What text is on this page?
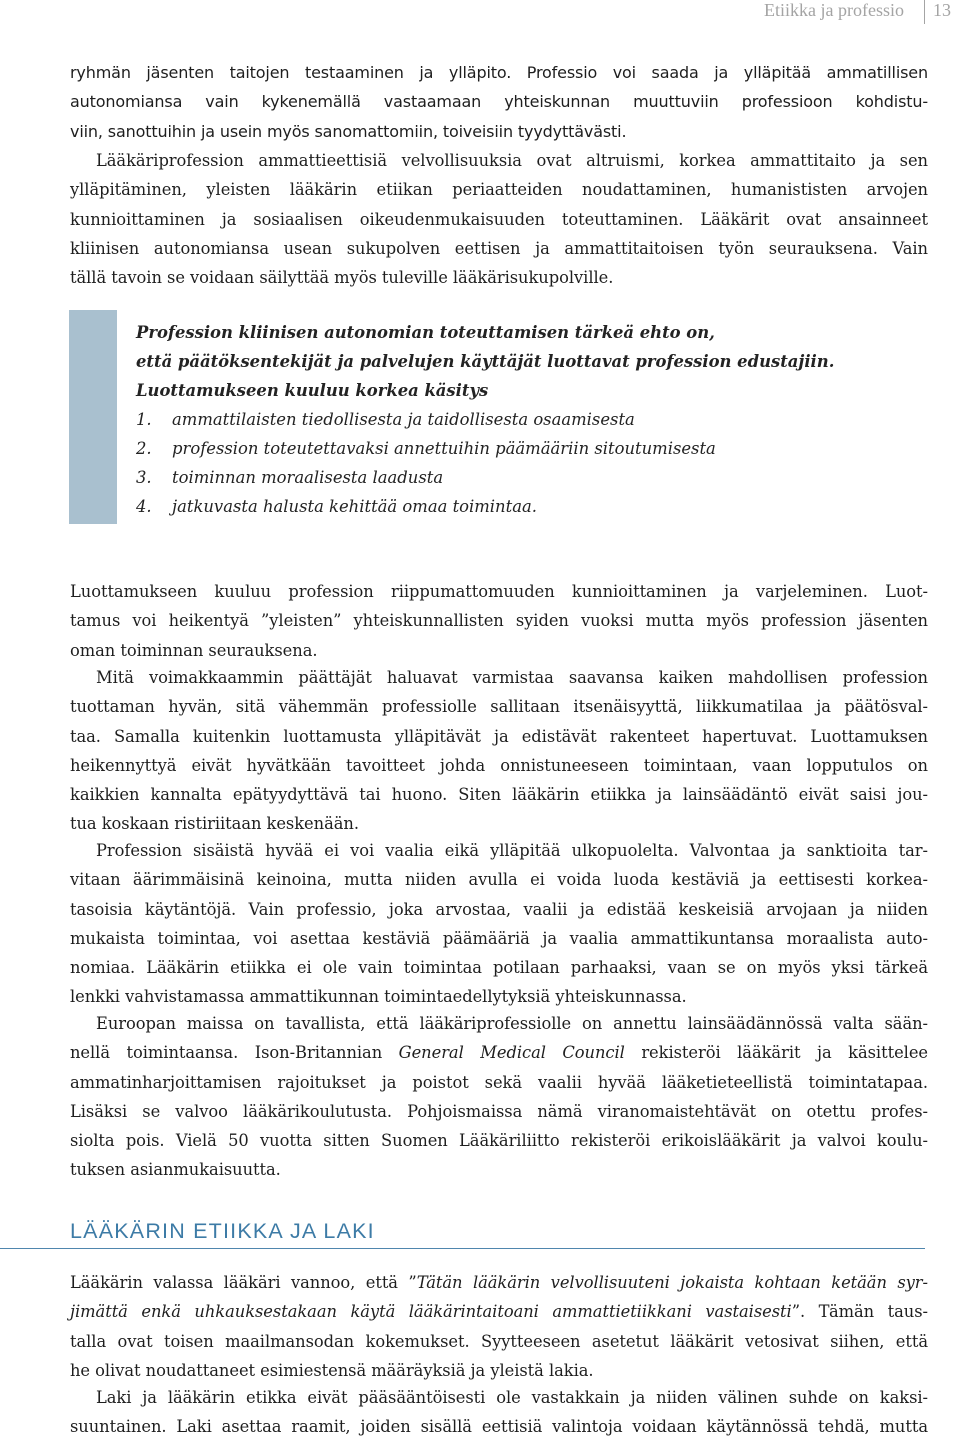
Etiikka ja professio 13
ryhmän jäsenten taitojen testaaminen ja ylläpito. Professio voi saada ja ylläpitää ammatillisen
autonomiansa vain kykenemällä vastaamaan yhteiskunnan muuttuviin professioon kohdistu-
viin, sanottuihin ja usein myös sanomattomiin, toiveisiin tyydyttävästi.
Lääkäriprofession ammattieettisiä velvollisuuksia ovat altruismi, korkea ammattitaito ja sen
ylläpitäminen, yleisten lääkärin etiikan periaatteiden noudattaminen, humanististen arvojen
kunnioittaminen ja sosiaalisen oikeudenmukaisuuden toteuttaminen. Lääkärit ovat ansainneet
kliinisen autonomiansa usean sukupolven eettisen ja ammattitaitoisen työn seurauksena. Vain
tällä tavoin se voidaan säilyttää myös tuleville lääkärisukupolville.
Profession kliinisen autonomian toteuttamisen tärkeä ehto on,
että päätöksentekijät ja palvelujen käyttäjät luottavat profession edustajiin.
Luottamukseen kuuluu korkea käsitys
1. ammattilaisten tiedollisesta ja taidollisesta osaamisesta
2. profession toteutettavaksi annettuihin päämääriin sitoutumisesta
3. toiminnan moraalisesta laadusta
4. jatkuvasta halusta kehittää omaa toimintaa.
Luottamukseen kuuluu profession riippumattomuuden kunnioittaminen ja varjeleminen. Luot-
tamus voi heikentyä ”yleisten” yhteiskunnallisten syiden vuoksi mutta myös profession jäsenten
oman toiminnan seurauksena.
Mitä voimakkaammin päättäjät haluavat varmistaa saavansa kaiken mahdollisen profession
tuottaman hyvän, sitä vähemmän professiolle sallitaan itsenäisyyttä, liikkumatilaa ja päätösval-
taa. Samalla kuitenkin luottamusta ylläpitävät ja edistävät rakenteet hapertuvat. Luottamuksen
heikennyttyä eivät hyvätkään tavoitteet johda onnistuneeseen toimintaan, vaan lopputulos on
kaikkien kannalta epätyydyttävä tai huono. Siten lääkärin etiikka ja lainsäädäntö eivät saisi jou-
tua koskaan ristiriitaan keskenään.
Profession sisäistä hyvää ei voi vaalia eikä ylläpitää ulkopuolelta. Valvontaa ja sanktioita tar-
vitaan äärimmäisinä keinoina, mutta niiden avulla ei voida luoda kestäviä ja eettisesti korkea-
tasoisia käytäntöjä. Vain professio, joka arvostaa, vaalii ja edistää keskeisiä arvojaan ja niiden
mukaista toimintaa, voi asettaa kestäviä päämääriä ja vaalia ammattikuntansa moraalista auto-
nomiaa. Lääkärin etiikka ei ole vain toimintaa potilaan parhaaksi, vaan se on myös yksi tärkeä
lenkki vahvistamassa ammattikunnan toimintaedellytyksiä yhteiskunnassa.
Euroopan maissa on tavallista, että lääkäriprofessiolle on annettu lainsäädännössä valta sään-
nellä toimintaansa. Ison-Britannian General Medical Council rekisteröi lääkärit ja käsittelee
ammatinharjoittamisen rajoitukset ja poistot sekä vaalii hyvää lääketieteellistä toimintatapaa.
Lisäksi se valvoo lääkärikoulutusta. Pohjoismaissa nämä viranomaistehtävät on otettu profes-
siolta pois. Vielä 50 vuotta sitten Suomen Lääkäriliitto rekisteröi erikoislääkärit ja valvoi koulu-
tuksen asianmukaisuutta.
LÄÄKÄRIN ETIIKKA JA LAKI
Lääkärin valassa lääkäri vannoo, että ”Tätän lääkärin velvollisuuteni jokaista kohtaan ketään syr-
jimättä enkä uhkauksestakaan käytä lääkärintaitoani ammattietiikkani vastaisesti”. Tämän taus-
talla ovat toisen maailmansodan kokemukset. Syytteeseen asetetut lääkärit vetosivat siihen, että
he olivat noudattaneet esimiestensä määräyksiä ja yleistä lakia.
Laki ja lääkärin etikka eivät pääsääntöisesti ole vastakkain ja niiden välinen suhde on kaksi-
suuntainen. Laki asettaa raamit, joiden sisällä eettisiä valintoja voidaan käytännössä tehdä, mutta
